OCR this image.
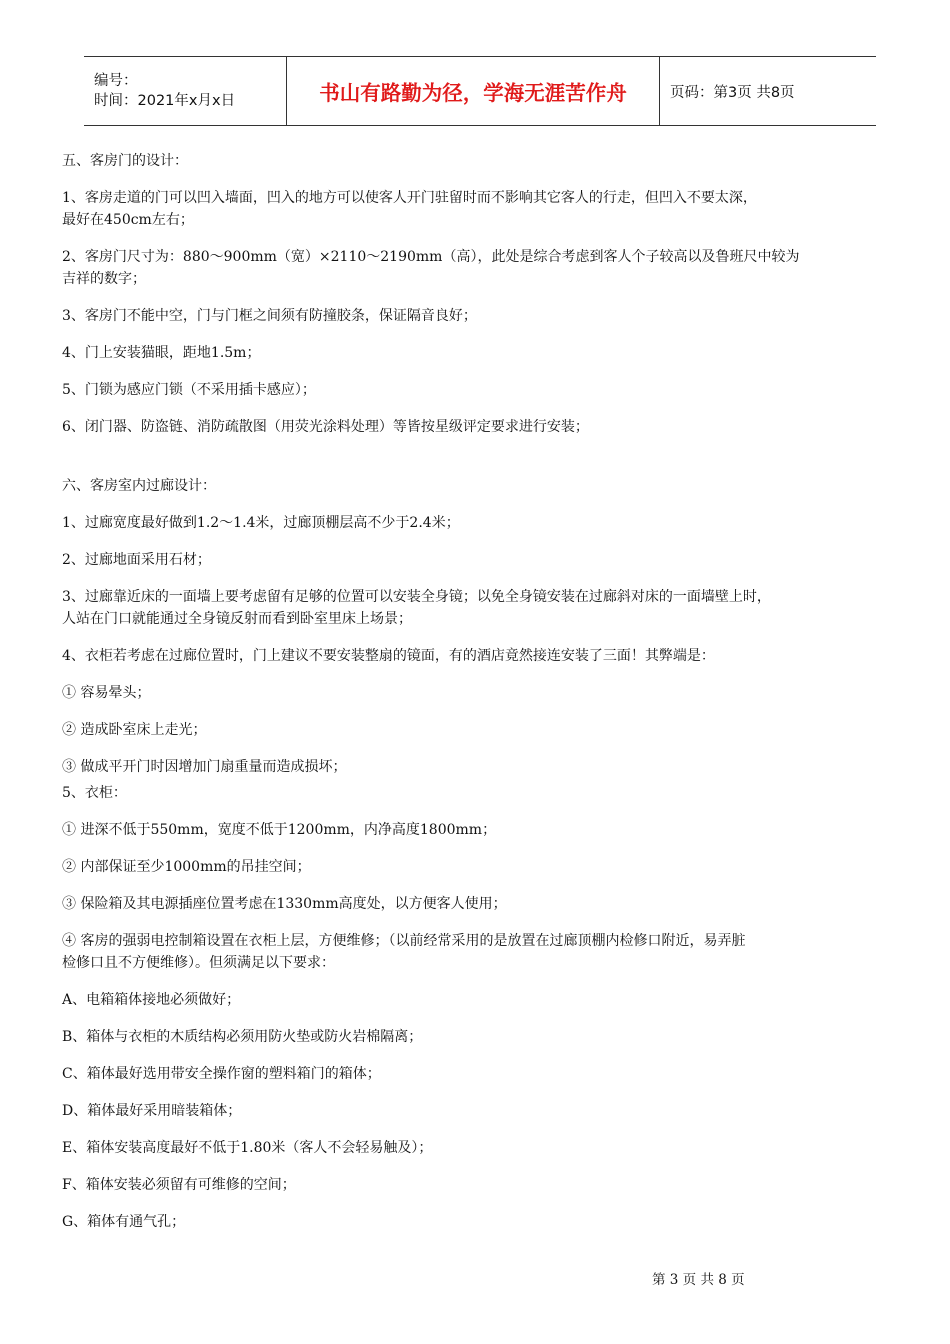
编号：
时间：2021年x月x日	书山有路勤为径，学海无涯苦作舟	页码：第3页 共8页

五、客房门的设计：

1、客房走道的门可以凹入墙面，凹入的地方可以使客人开门驻留时而不影响其它客人的行走，但凹入不要太深，
最好在450cm左右；

2、客房门尺寸为：880～900mm（宽）×2110～2190mm（高），此处是综合考虑到客人个子较高以及鲁班尺中较为
吉祥的数字；

3、客房门不能中空，门与门框之间须有防撞胶条，保证隔音良好；

4、门上安装猫眼，距地1.5m；

5、门锁为感应门锁（不采用插卡感应）；

6、闭门器、防盗链、消防疏散图（用荧光涂料处理）等皆按星级评定要求进行安装；

六、客房室内过廊设计：

1、过廊宽度最好做到1.2～1.4米，过廊顶棚层高不少于2.4米；

2、过廊地面采用石材；

3、过廊靠近床的一面墙上要考虑留有足够的位置可以安装全身镜；以免全身镜安装在过廊斜对床的一面墙壁上时，
人站在门口就能通过全身镜反射而看到卧室里床上场景；

4、衣柜若考虑在过廊位置时，门上建议不要安装整扇的镜面，有的酒店竟然接连安装了三面！其弊端是：

① 容易晕头；

② 造成卧室床上走光；

③ 做成平开门时因增加门扇重量而造成损坏；

5、衣柜：

① 进深不低于550mm，宽度不低于1200mm，内净高度1800mm；

② 内部保证至少1000mm的吊挂空间；

③ 保险箱及其电源插座位置考虑在1330mm高度处，以方便客人使用；

④ 客房的强弱电控制箱设置在衣柜上层，方便维修；（以前经常采用的是放置在过廊顶棚内检修口附近，易弄脏
检修口且不方便维修）。但须满足以下要求：

A、电箱箱体接地必须做好；

B、箱体与衣柜的木质结构必须用防火垫或防火岩棉隔离；

C、箱体最好选用带安全操作窗的塑料箱门的箱体；

D、箱体最好采用暗装箱体；

E、箱体安装高度最好不低于1.80米（客人不会轻易触及）；

F、箱体安装必须留有可维修的空间；

G、箱体有通气孔；

第 3 页 共 8 页
